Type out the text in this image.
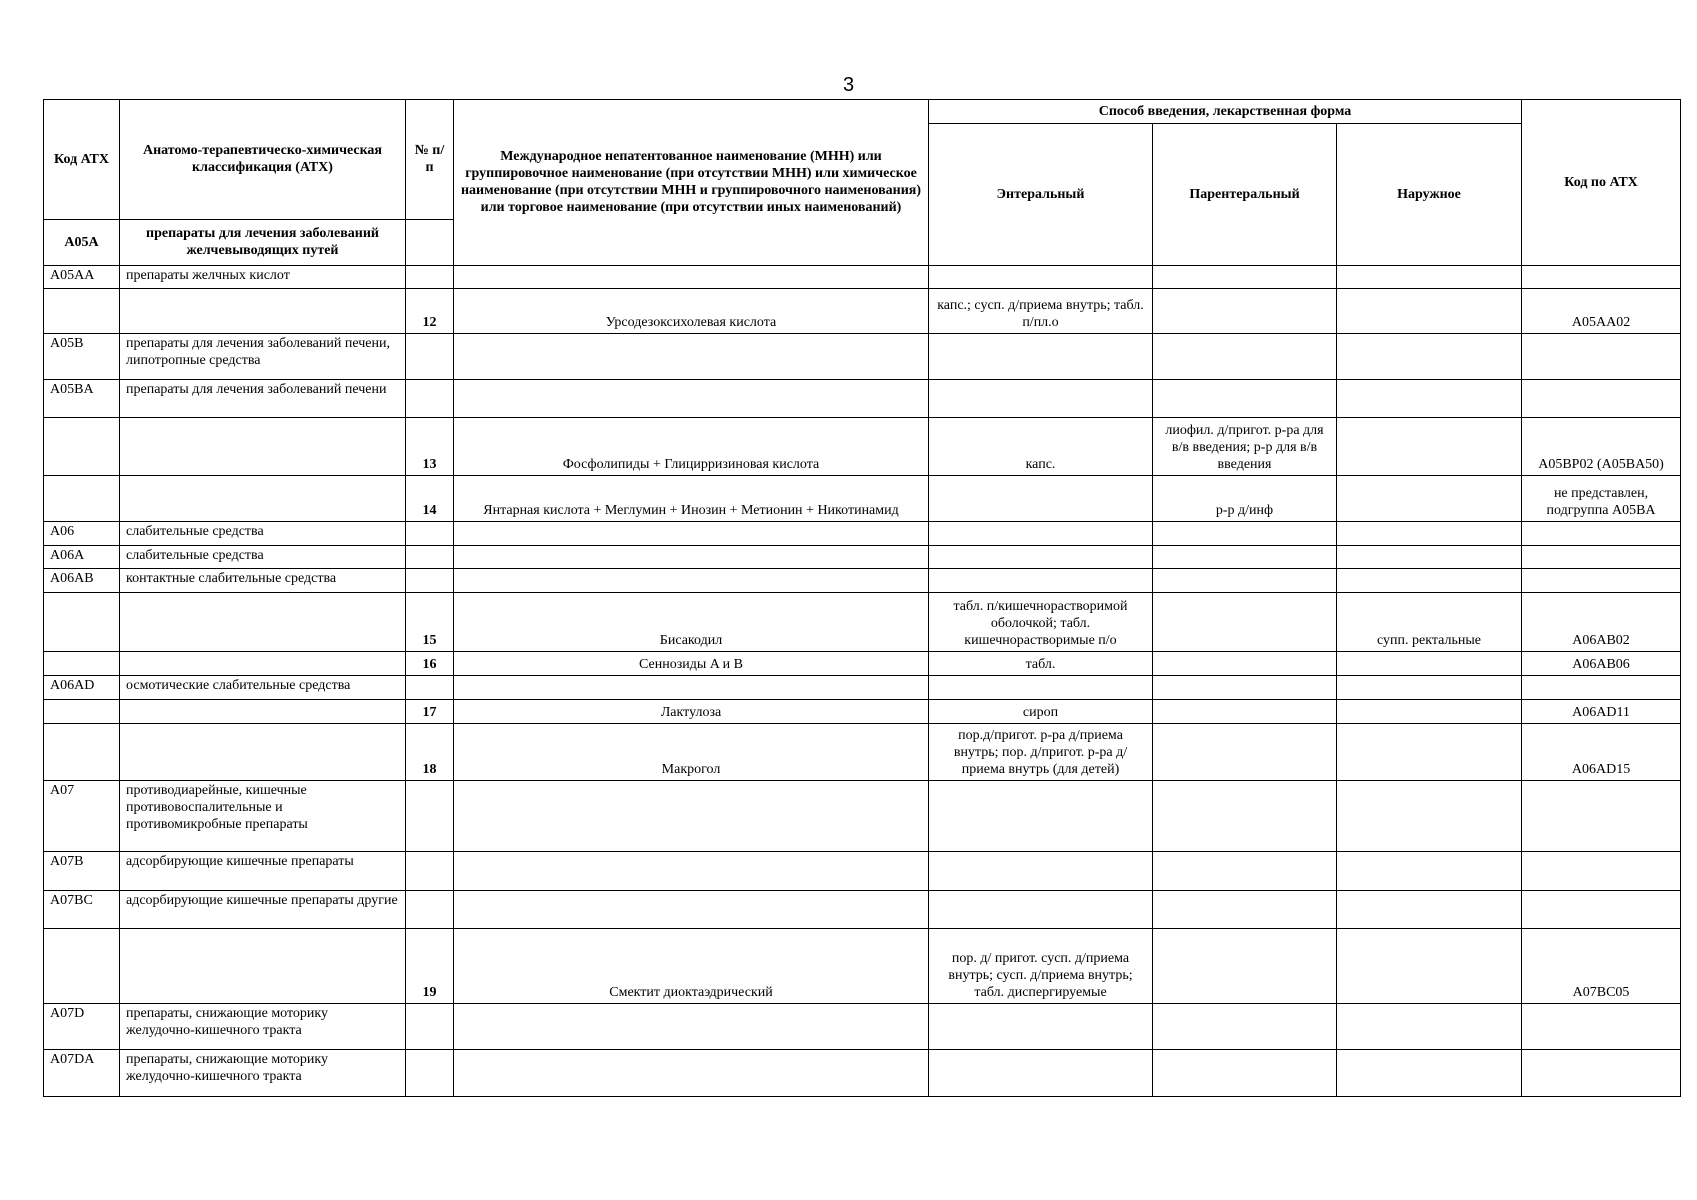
3
Код АТХ	Анатомо-терапевтическо-химическая классификация (АТХ)	№ п/п	Международное непатентованное наименование (МНН) или группировочное наименование (при отсутствии МНН) или химическое наименование (при отсутствии МНН и группировочного наименования) или торговое наименование (при отсутствии иных наименований)	Способ введения, лекарственная форма			Код по АТХ
				Энтеральный	Парентеральный	Наружное	
A05A	препараты для лечения заболеваний желчевыводящих путей						
A05AA	препараты желчных кислот						
		12	Урсодезоксихолевая кислота	капс.; сусп. д/приема внутрь; табл. п/пл.о			A05AA02
A05B	препараты для лечения заболеваний печени, липотропные средства						
A05BA	препараты для лечения заболеваний печени						
		13	Фосфолипиды + Глицирризиновая кислота	капс.	лиофил. д/пригот. р-ра для в/в введения; р-р для в/в введения		A05BP02 (A05BA50)
		14	Янтарная кислота + Меглумин + Инозин + Метионин + Никотинамид		р-р д/инф		не представлен, подгруппа A05BA
A06	слабительные средства						
A06A	слабительные средства						
A06AB	контактные слабительные средства						
		15	Бисакодил	табл. п/кишечнорастворимой оболочкой; табл. кишечнорастворимые п/о		супп. ректальные	A06AB02
		16	Сеннозиды A и B	табл.			A06AB06
A06AD	осмотические слабительные средства						
		17	Лактулоза	сироп			A06AD11
		18	Макрогол	пор.д/пригот. р-ра д/приема внутрь; пор. д/пригот. р-ра д/приема внутрь (для детей)			A06AD15
A07	противодиарейные, кишечные противовоспалительные и противомикробные препараты						
A07B	адсорбирующие кишечные препараты						
A07BC	адсорбирующие кишечные препараты другие						
		19	Смектит диоктаэдрический	пор. д/ пригот. сусп. д/приема внутрь; сусп. д/приема внутрь; табл. диспергируемые			A07BC05
A07D	препараты, снижающие моторику желудочно-кишечного тракта						
A07DA	препараты, снижающие моторику желудочно-кишечного тракта						
